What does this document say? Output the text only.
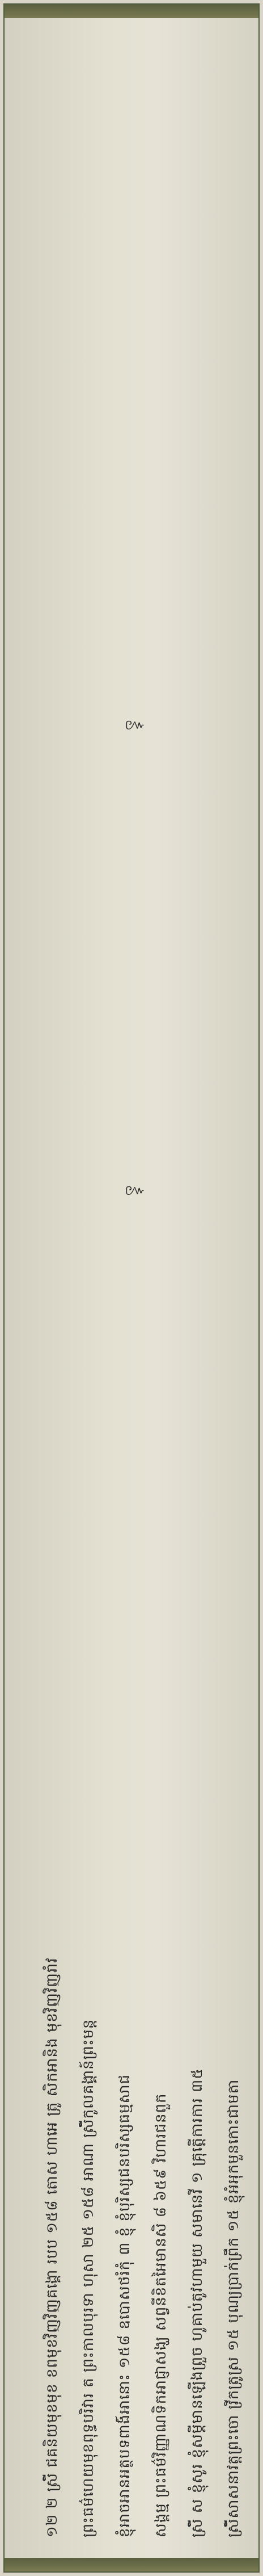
១២ ២ ស្រី៍ ជគនិយមុខមុខ ខពមុខវិញវិញគង្គោ របប ១៥៨ តោស ហាអេ ត្រូ សិកអានិង មុខវិញវិញរាំវ ព្រះធម៌ហេយមុខពុទ្ធបរិវារ ត ព្រះកាលបុរទា ហុសា ២៥ ១៥៨ អាណា ស្រី៍កូលគង្គាន៍ព្រះមន្ត ខ្ញុំអាចអានអត្ថបទពាង៍អានោះ ១៥៨ ឧបោសថរំកុំ ៣ ខ្ញុំ ខ្ញុំបុរិស្សជនបរិស្សធម្មសាជ សង្គម្ម ព្រះធម៌វិញ្ញាណទិកអាជ្ញាសង្ឃ សព្វនីខិតអៃមានសិ ៨ ៦៥៩ វិហារជនពួក ស្រី៍ ស ខ្ញុំសូរ ខ្ញុំសម្តីមានឡើងព្រួច ហូគាប់តូវហាមួយ សមានេវី ១ គ្រុត្តើការការ ៣៥ ស្រី៍សាសនាវត្តព្រះចោ វ្រីកត្រូស្រ ១៥ បុណ្យប្រាក់ព្រឹក ១៥ ខ្ញុំអំអុកមួនកោះជាមតា
៚
៚
